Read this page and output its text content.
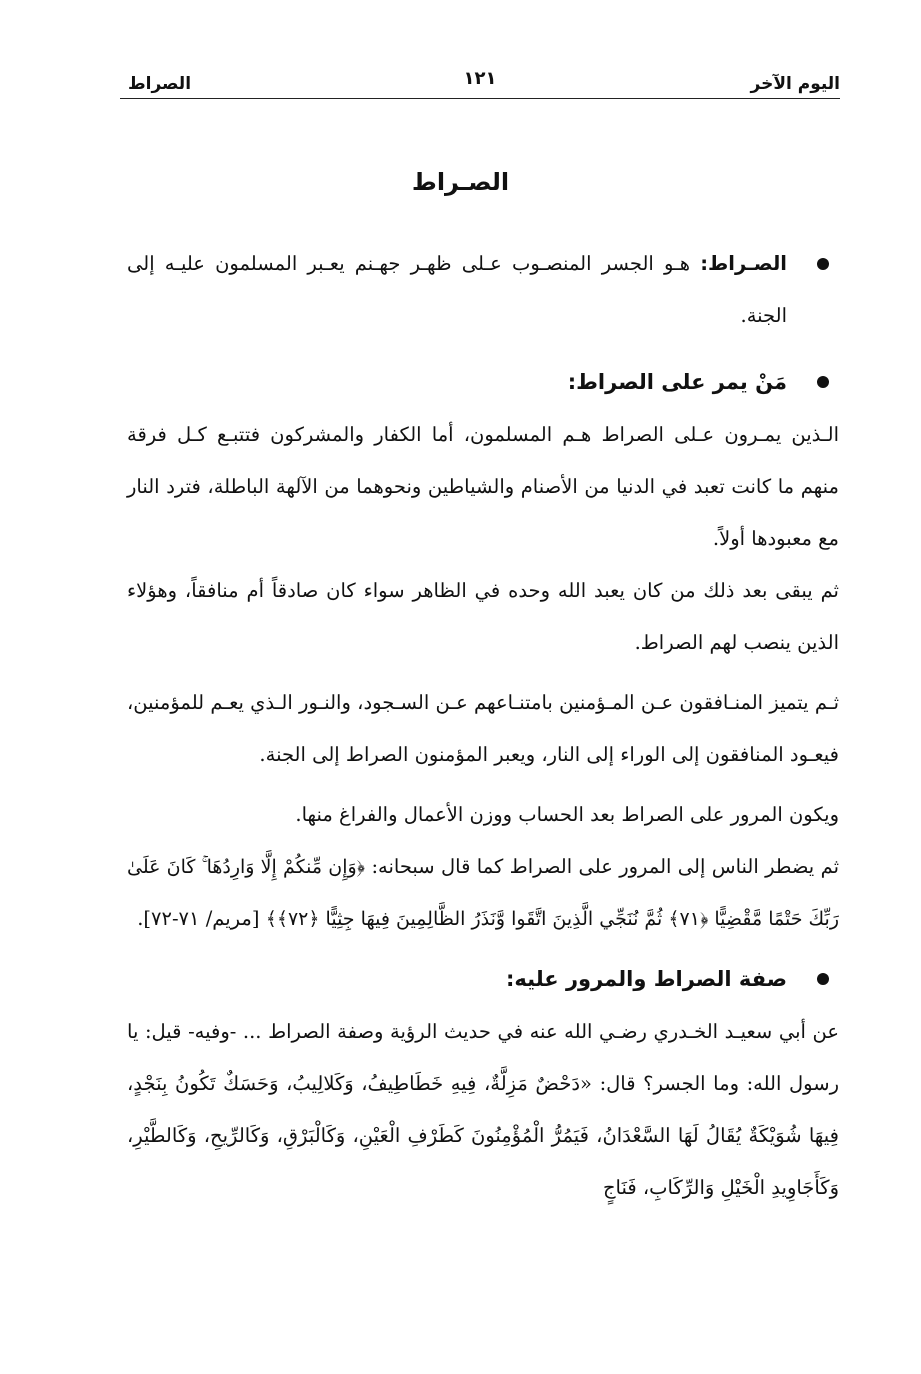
اليوم الآخر
١٢١
الصراط
الصـراط
الصـراط: هـو الجسر المنصـوب عـلى ظهـر جهـنم يعـبر المسلمون عليـه إلى الجنة.
مَنْ يمر على الصراط:

الـذين يمـرون عـلى الصراط هـم المسلمون، أما الكفار والمشركون فتتبـع كـل فرقة منهم ما كانت تعبد في الدنيا من الأصنام والشياطين ونحوهما من الآلهة الباطلة، فترد النار مع معبودها أولاً.

ثم يبقى بعد ذلك من كان يعبد الله وحده في الظاهر سواء كان صادقاً أم منافقاً، وهؤلاء الذين ينصب لهم الصراط.

ثـم يتميز المنـافقون عـن المـؤمنين بامتنـاعهم عـن السـجود، والنـور الـذي يعـم للمؤمنين، فيعـود المنافقون إلى الوراء إلى النار، ويعبر المؤمنون الصراط إلى الجنة.

ويكون المرور على الصراط بعد الحساب ووزن الأعمال والفراغ منها.

ثم يضطر الناس إلى المرور على الصراط كما قال سبحانه: ﴿وَإِن مِّنكُمْ إِلَّا وَارِدُهَا ۚ كَانَ عَلَىٰ رَبِّكَ حَتْمًا مَّقْضِيًّا ﴿٧١﴾ ثُمَّ نُنَجِّي الَّذِينَ اتَّقَوا وَّنَذَرُ الظَّالِمِينَ فِيهَا جِثِيًّا ﴿٧٢﴾﴾ [مريم/ ٧١-٧٢].

صفة الصراط والمرور عليه:

عن أبي سعيـد الخـدري رضـي الله عنه في حديث الرؤية وصفة الصراط ... -وفيه- قيل: يا رسول الله: وما الجسر؟ قال: «دَحْضٌ مَزِلَّةٌ، فِيهِ خَطَاطِيفُ، وَكَلالِيبُ، وَحَسَكٌ تَكُونُ بِنَجْدٍ، فِيهَا شُوَيْكَةٌ يُقَالُ لَهَا السَّعْدَانُ، فَيَمُرُّ الْمُؤْمِنُونَ كَطَرْفِ الْعَيْنِ، وَكَالْبَرْقِ، وَكَالرِّيحِ، وَكَالطَّيْرِ، وَكَأَجَاوِيدِ الْخَيْلِ وَالرِّكَابِ، فَنَاجٍ
